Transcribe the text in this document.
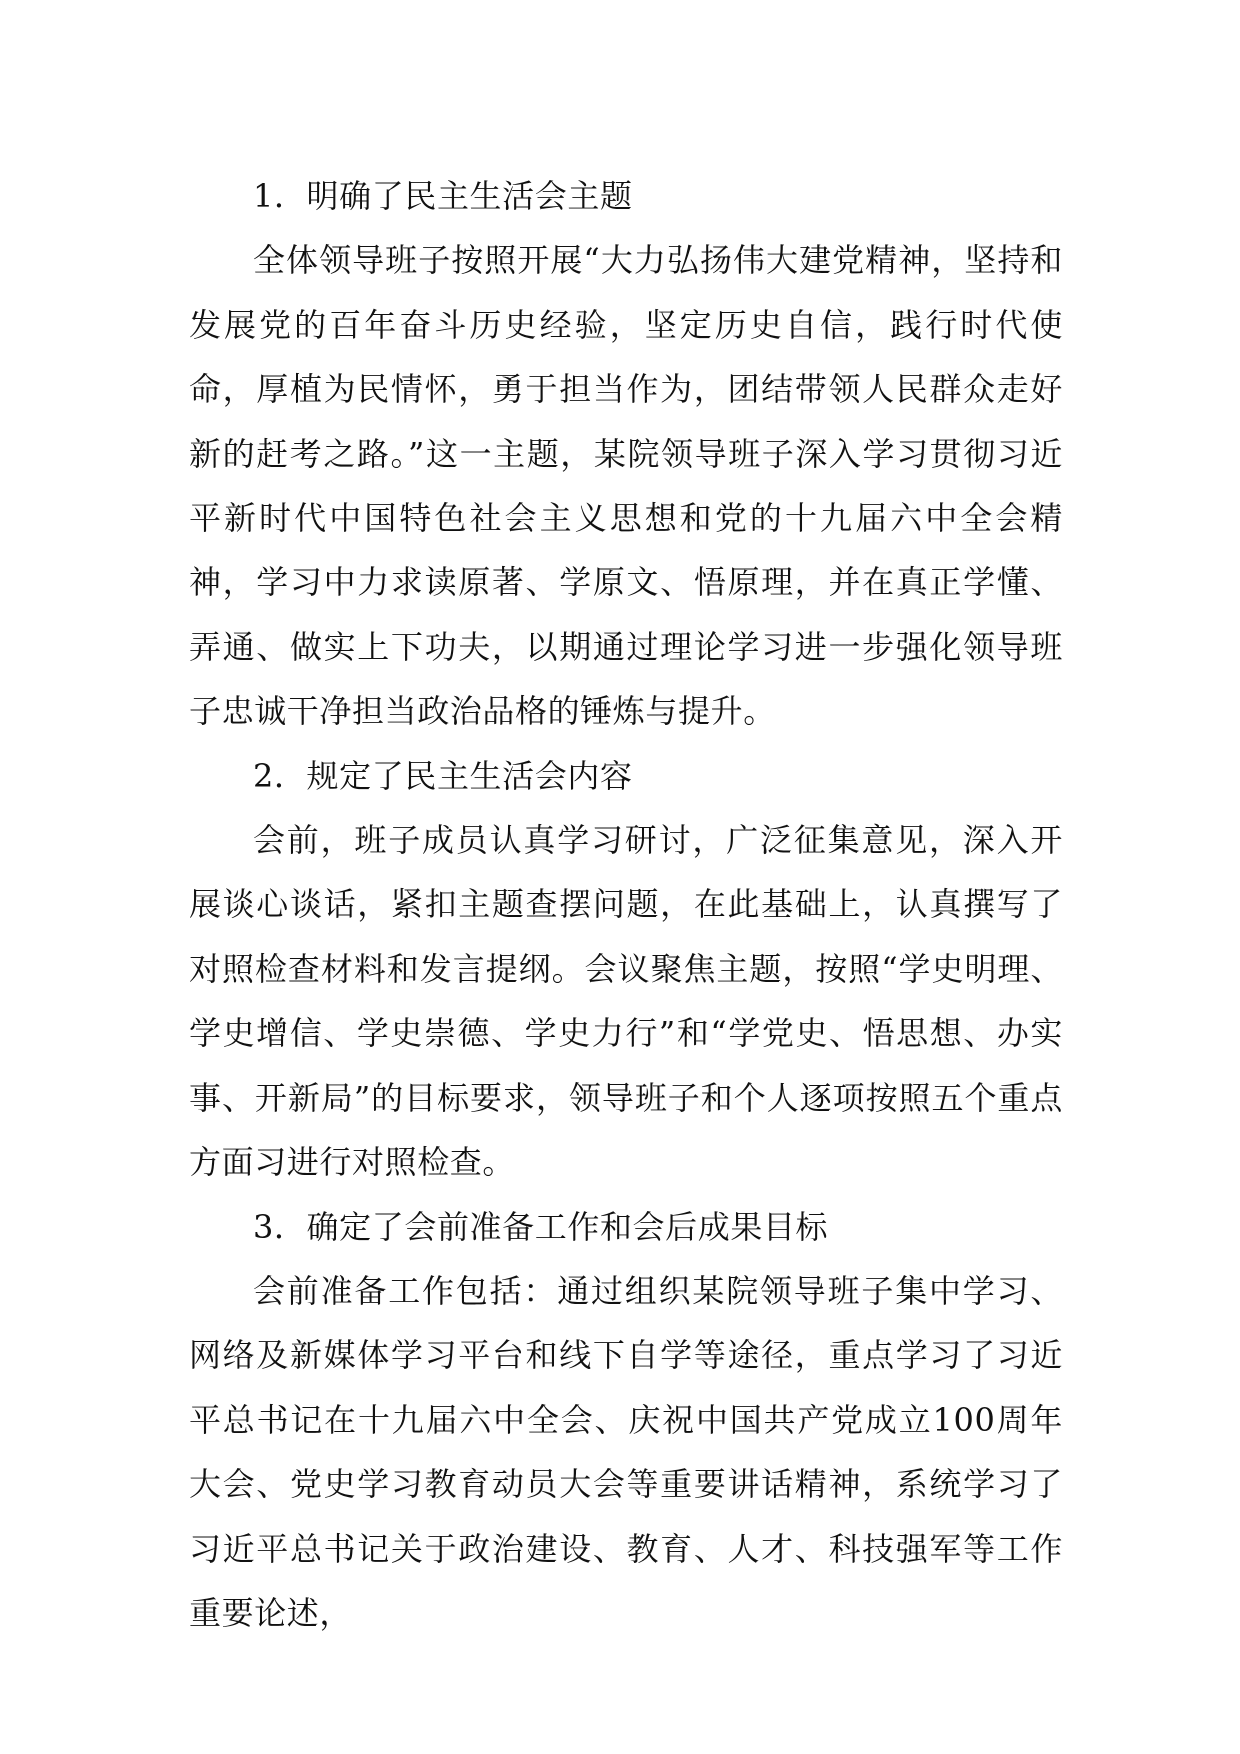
1．明确了民主生活会主题

全体领导班子按照开展“大力弘扬伟大建党精神，坚持和发展党的百年奋斗历史经验，坚定历史自信，践行时代使命，厚植为民情怀，勇于担当作为，团结带领人民群众走好新的赶考之路。”这一主题，某院领导班子深入学习贯彻习近平新时代中国特色社会主义思想和党的十九届六中全会精神，学习中力求读原著、学原文、悟原理，并在真正学懂、弄通、做实上下功夫，以期通过理论学习进一步强化领导班子忠诚干净担当政治品格的锤炼与提升。

2．规定了民主生活会内容

会前，班子成员认真学习研讨，广泛征集意见，深入开展谈心谈话，紧扣主题查摆问题，在此基础上，认真撰写了对照检查材料和发言提纲。会议聚焦主题，按照“学史明理、学史增信、学史崇德、学史力行”和“学党史、悟思想、办实事、开新局”的目标要求，领导班子和个人逐项按照五个重点方面习进行对照检查。

3．确定了会前准备工作和会后成果目标

会前准备工作包括：通过组织某院领导班子集中学习、网络及新媒体学习平台和线下自学等途径，重点学习了习近平总书记在十九届六中全会、庆祝中国共产党成立100周年大会、党史学习教育动员大会等重要讲话精神，系统学习了习近平总书记关于政治建设、教育、人才、科技强军等工作重要论述，
